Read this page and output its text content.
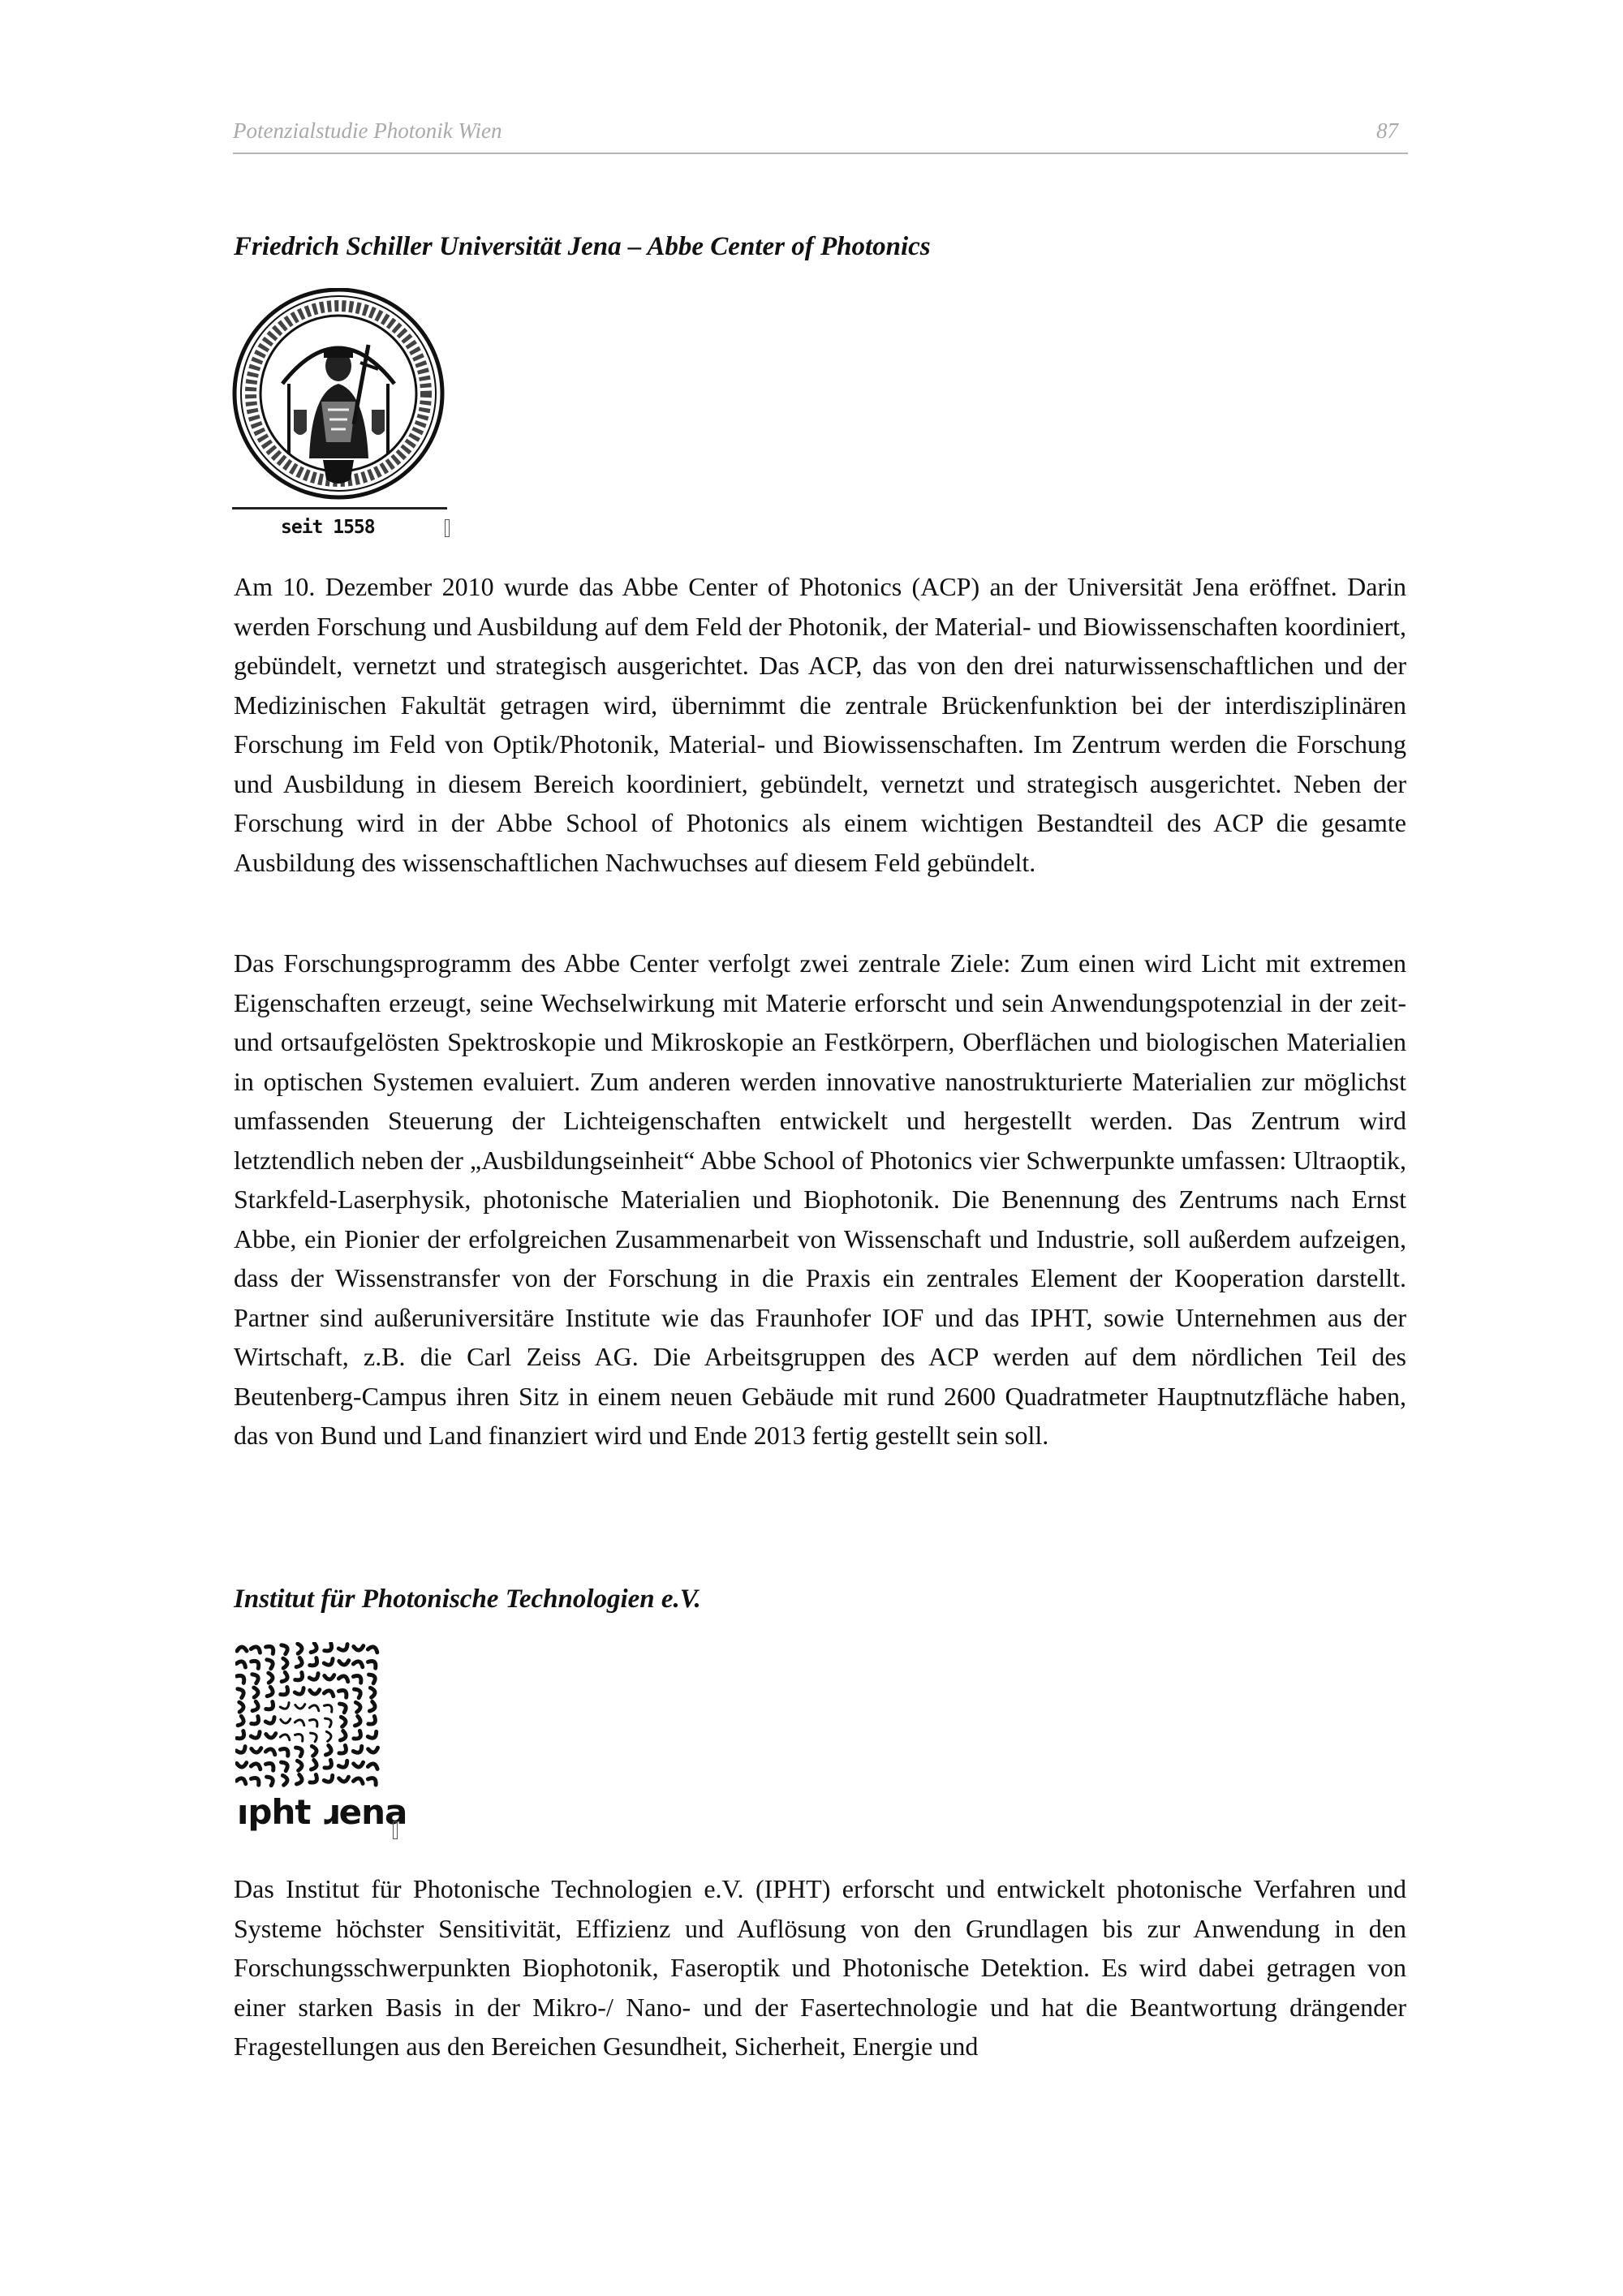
Potenzialstudie Photonik Wien	87
Friedrich Schiller Universität Jena – Abbe Center of Photonics
seit 1558

Am 10. Dezember 2010 wurde das Abbe Center of Photonics (ACP) an der Universität Jena eröffnet. Darin werden Forschung und Ausbildung auf dem Feld der Photonik, der Material- und Biowissenschaften koordiniert, gebündelt, vernetzt und strategisch ausgerichtet. Das ACP, das von den drei naturwissenschaftlichen und der Medizinischen Fakultät getragen wird, übernimmt die zentrale Brückenfunktion bei der interdisziplinären Forschung im Feld von Optik/Photonik, Material- und Biowissenschaften. Im Zentrum werden die Forschung und Ausbildung in diesem Bereich koordiniert, gebündelt, vernetzt und strategisch ausgerichtet. Neben der Forschung wird in der Abbe School of Photonics als einem wichtigen Bestandteil des ACP die gesamte Ausbildung des wissenschaftlichen Nachwuchses auf diesem Feld gebündelt.

Das Forschungsprogramm des Abbe Center verfolgt zwei zentrale Ziele: Zum einen wird Licht mit extremen Eigenschaften erzeugt, seine Wechselwirkung mit Materie erforscht und sein Anwendungspotenzial in der zeit- und ortsaufgelösten Spektroskopie und Mikroskopie an Festkörpern, Oberflächen und biologischen Materialien in optischen Systemen evaluiert. Zum anderen werden innovative nanostrukturierte Materialien zur möglichst umfassenden Steuerung der Lichteigenschaften entwickelt und hergestellt werden. Das Zentrum wird letztendlich neben der „Ausbildungseinheit“ Abbe School of Photonics vier Schwerpunkte umfassen: Ultraoptik, Starkfeld-Laserphysik, photonische Materialien und Biophotonik. Die Benennung des Zentrums nach Ernst Abbe, ein Pionier der erfolgreichen Zusammenarbeit von Wissenschaft und Industrie, soll außerdem aufzeigen, dass der Wissenstransfer von der Forschung in die Praxis ein zentrales Element der Kooperation darstellt. Partner sind außeruniversitäre Institute wie das Fraunhofer IOF und das IPHT, sowie Unternehmen aus der Wirtschaft, z.B. die Carl Zeiss AG. Die Arbeitsgruppen des ACP werden auf dem nördlichen Teil des Beutenberg-Campus ihren Sitz in einem neuen Gebäude mit rund 2600 Quadratmeter Hauptnutzfläche haben, das von Bund und Land finanziert wird und Ende 2013 fertig gestellt sein soll.

Institut für Photonische Technologien e.V.
ıpht ɹena

Das Institut für Photonische Technologien e.V. (IPHT) erforscht und entwickelt photonische Verfahren und Systeme höchster Sensitivität, Effizienz und Auflösung von den Grundlagen bis zur Anwendung in den Forschungsschwerpunkten Biophotonik, Faseroptik und Photonische Detektion. Es wird dabei getragen von einer starken Basis in der Mikro-/ Nano- und der Fasertechnologie und hat die Beantwortung drängender Fragestellungen aus den Bereichen Gesundheit, Sicherheit, Energie und
